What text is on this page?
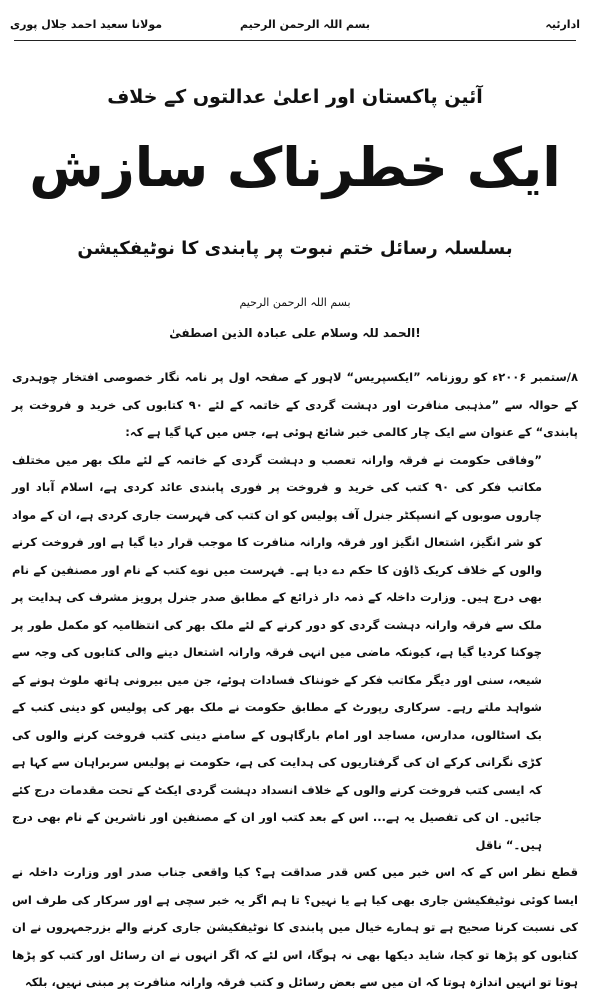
مولانا سعید احمد جلال پوری	بسم اللہ الرحمن الرحیم	ادارئیہ
آئین پاکستان اور اعلیٰ عدالتوں کے خلاف
ایک خطرناک سازش
بسلسلہ رسائل ختم نبوت پر پابندی کا نوٹیفکیشن
بسم اللہ الرحمن الرحیم
الحمد للہ وسلام علی عبادہ الذین اصطفیٰ!

۸/ستمبر ۲۰۰۶ء کو روزنامہ ”ایکسپریس“ لاہور کے صفحہ اول پر نامہ نگار خصوصی افتخار چوہدری کے حوالہ سے ”مذہبی منافرت اور دہشت گردی کے خاتمہ کے لئے ۹۰ کتابوں کی خرید و فروخت پر پابندی“ کے عنوان سے ایک چار کالمی خبر شائع ہوئی ہے، جس میں کہا گیا ہے کہ:

”وفاقی حکومت نے فرقہ وارانہ تعصب و دہشت گردی کے خاتمہ کے لئے ملک بھر میں مختلف مکاتب فکر کی ۹۰ کتب کی خرید و فروخت پر فوری پابندی عائد کردی ہے، اسلام آباد اور چاروں صوبوں کے انسپکٹر جنرل آف پولیس کو ان کتب کی فہرست جاری کردی ہے، ان کے مواد کو شر انگیز، اشتعال انگیز اور فرقہ وارانہ منافرت کا موجب قرار دیا گیا ہے اور فروخت کرنے والوں کے خلاف کریک ڈاؤن کا حکم دے دیا ہے۔ فہرست میں نوے کتب کے نام اور مصنفین کے نام بھی درج ہیں۔ وزارت داخلہ کے ذمہ دار ذرائع کے مطابق صدر جنرل پرویز مشرف کی ہدایت پر ملک سے فرقہ وارانہ دہشت گردی کو دور کرنے کے لئے ملک بھر کی انتظامیہ کو مکمل طور پر چوکنا کردیا گیا ہے، کیونکہ ماضی میں انہی فرقہ وارانہ اشتعال دینے والی کتابوں کی وجہ سے شیعہ، سنی اور دیگر مکاتب فکر کے خونناک فسادات ہوئے، جن میں بیرونی ہاتھ ملوث ہونے کے شواہد ملتے رہے۔ سرکاری رپورٹ کے مطابق حکومت نے ملک بھر کی پولیس کو دینی کتب کے بک اسٹالوں، مدارس، مساجد اور امام بارگاہوں کے سامنے دینی کتب فروخت کرنے والوں کی کڑی نگرانی کرکے ان کی گرفتاریوں کی ہدایت کی ہے، حکومت نے پولیس سربراہان سے کہا ہے کہ ایسی کتب فروخت کرنے والوں کے خلاف انسداد دہشت گردی ایکٹ کے تحت مقدمات درج کئے جائیں۔ ان کی تفصیل یہ ہے... اس کے بعد کتب اور ان کے مصنفین اور ناشرین کے نام بھی درج ہیں۔“ ناقل

قطع نظر اس کے کہ اس خبر میں کس قدر صداقت ہے؟ کیا واقعی جناب صدر اور وزارت داخلہ نے ایسا کوئی نوٹیفکیشن جاری بھی کیا ہے یا نہیں؟ تا ہم اگر یہ خبر سچی ہے اور سرکار کی طرف اس کی نسبت کرنا صحیح ہے تو ہمارے خیال میں پابندی کا نوٹیفکیشن جاری کرنے والے بزرجمہروں نے ان کتابوں کو پڑھا تو کجا، شاید دیکھا بھی نہ ہوگا، اس لئے کہ اگر انہوں نے ان رسائل اور کتب کو پڑھا ہوتا تو انہیں اندازہ ہوتا کہ ان میں سے بعض رسائل و کتب فرقہ وارانہ منافرت پر مبنی نہیں، بلکہ
